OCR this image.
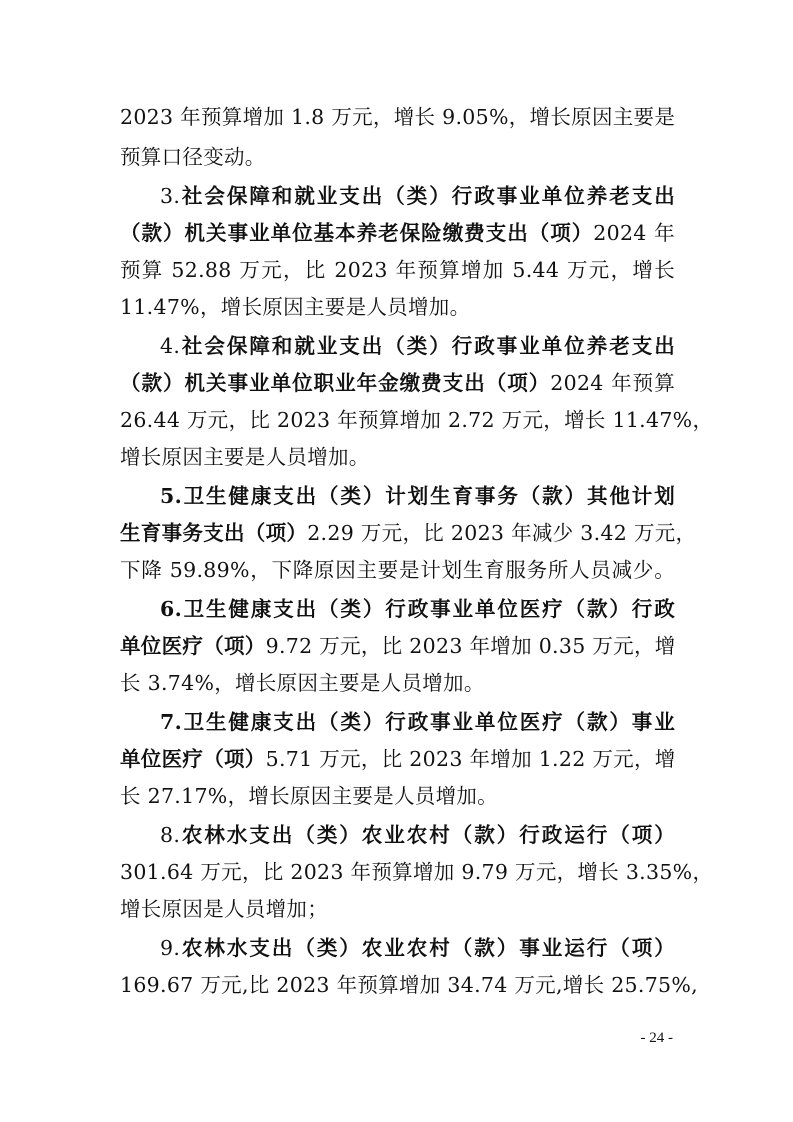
2023 年预算增加 1.8 万元，增长 9.05%，增长原因主要是
预算口径变动。
3.社会保障和就业支出（类）行政事业单位养老支出
（款）机关事业单位基本养老保险缴费支出（项）2024 年
预算 52.88 万元，比 2023 年预算增加 5.44 万元，增长
11.47%，增长原因主要是人员增加。
4.社会保障和就业支出（类）行政事业单位养老支出
（款）机关事业单位职业年金缴费支出（项）2024 年预算
26.44 万元，比 2023 年预算增加 2.72 万元，增长 11.47%，
增长原因主要是人员增加。
5.卫生健康支出（类）计划生育事务（款）其他计划
生育事务支出（项）2.29 万元，比 2023 年减少 3.42 万元，
下降 59.89%，下降原因主要是计划生育服务所人员减少。
6.卫生健康支出（类）行政事业单位医疗（款）行政
单位医疗（项）9.72 万元，比 2023 年增加 0.35 万元，增
长 3.74%，增长原因主要是人员增加。
7.卫生健康支出（类）行政事业单位医疗（款）事业
单位医疗（项）5.71 万元，比 2023 年增加 1.22 万元，增
长 27.17%，增长原因主要是人员增加。
8.农林水支出（类）农业农村（款）行政运行（项）
301.64 万元，比 2023 年预算增加 9.79 万元，增长 3.35%，
增长原因是人员增加；
9.农林水支出（类）农业农村（款）事业运行（项）
169.67 万元,比 2023 年预算增加 34.74 万元,增长 25.75%,
- 24 -
